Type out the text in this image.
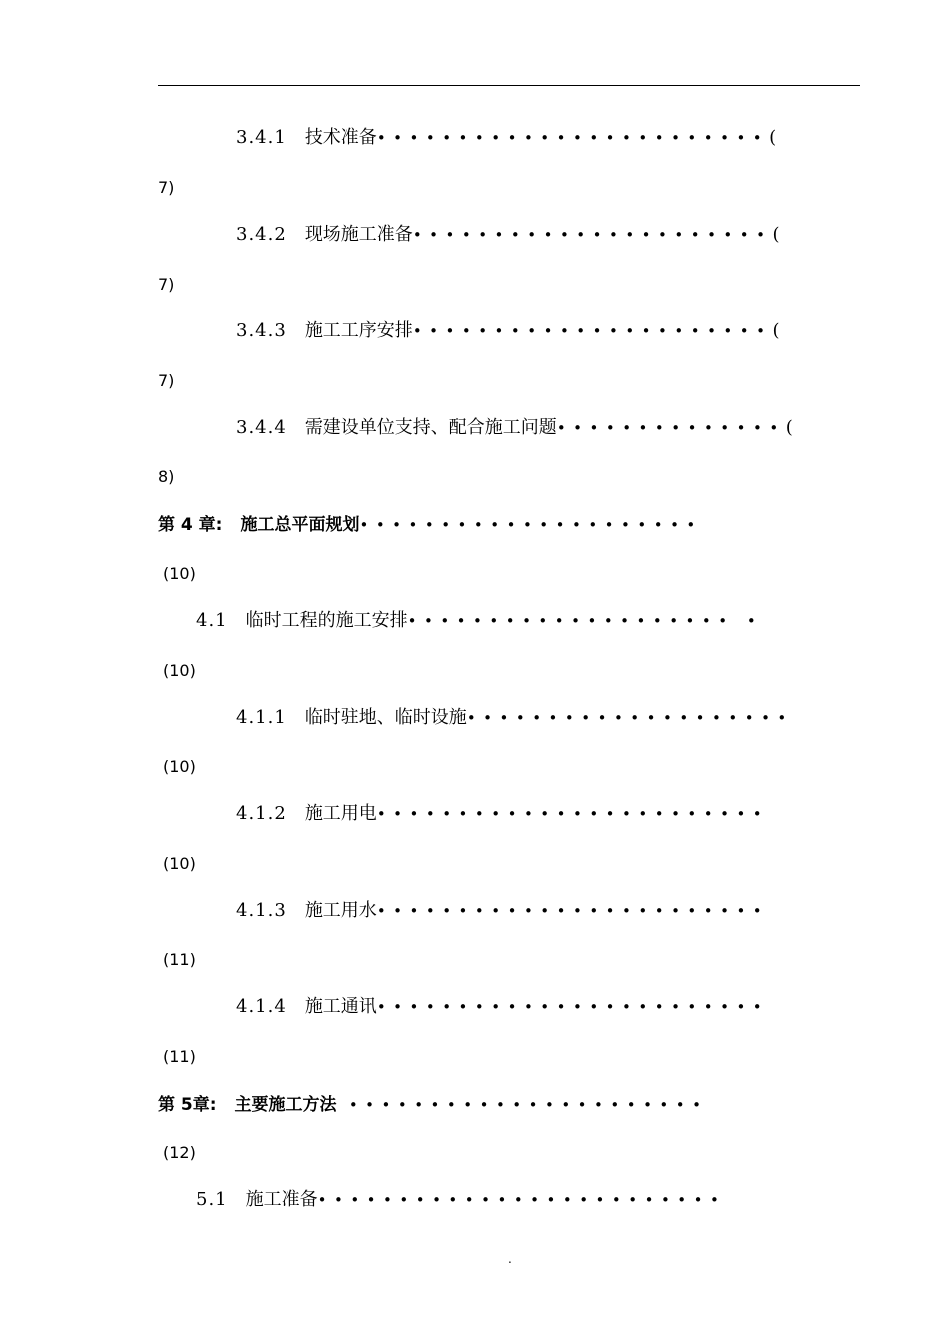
3.4.1 技术准备••••••••••••••••••••••••(
7)
3.4.2 现场施工准备••••••••••••••••••••••(
7)
3.4.3 施工工序安排••••••••••••••••••••••(
7)
3.4.4 需建设单位支持、配合施工问题••••••••••••••(
8)
第 4 章: 施工总平面规划•••••••••••••••••••••
(10)
4.1 临时工程的施工安排•••••••••••••••••••• •
(10)
4.1.1 临时驻地、临时设施••••••••••••••••••••
(10)
4.1.2 施工用电••••••••••••••••••••••••
(10)
4.1.3 施工用水••••••••••••••••••••••••
(11)
4.1.4 施工通讯••••••••••••••••••••••••
(11)
第 5章: 主要施工方法 ••••••••••••••••••••••
(12)
5.1 施工准备•••••••••••••••••••••••••
.
